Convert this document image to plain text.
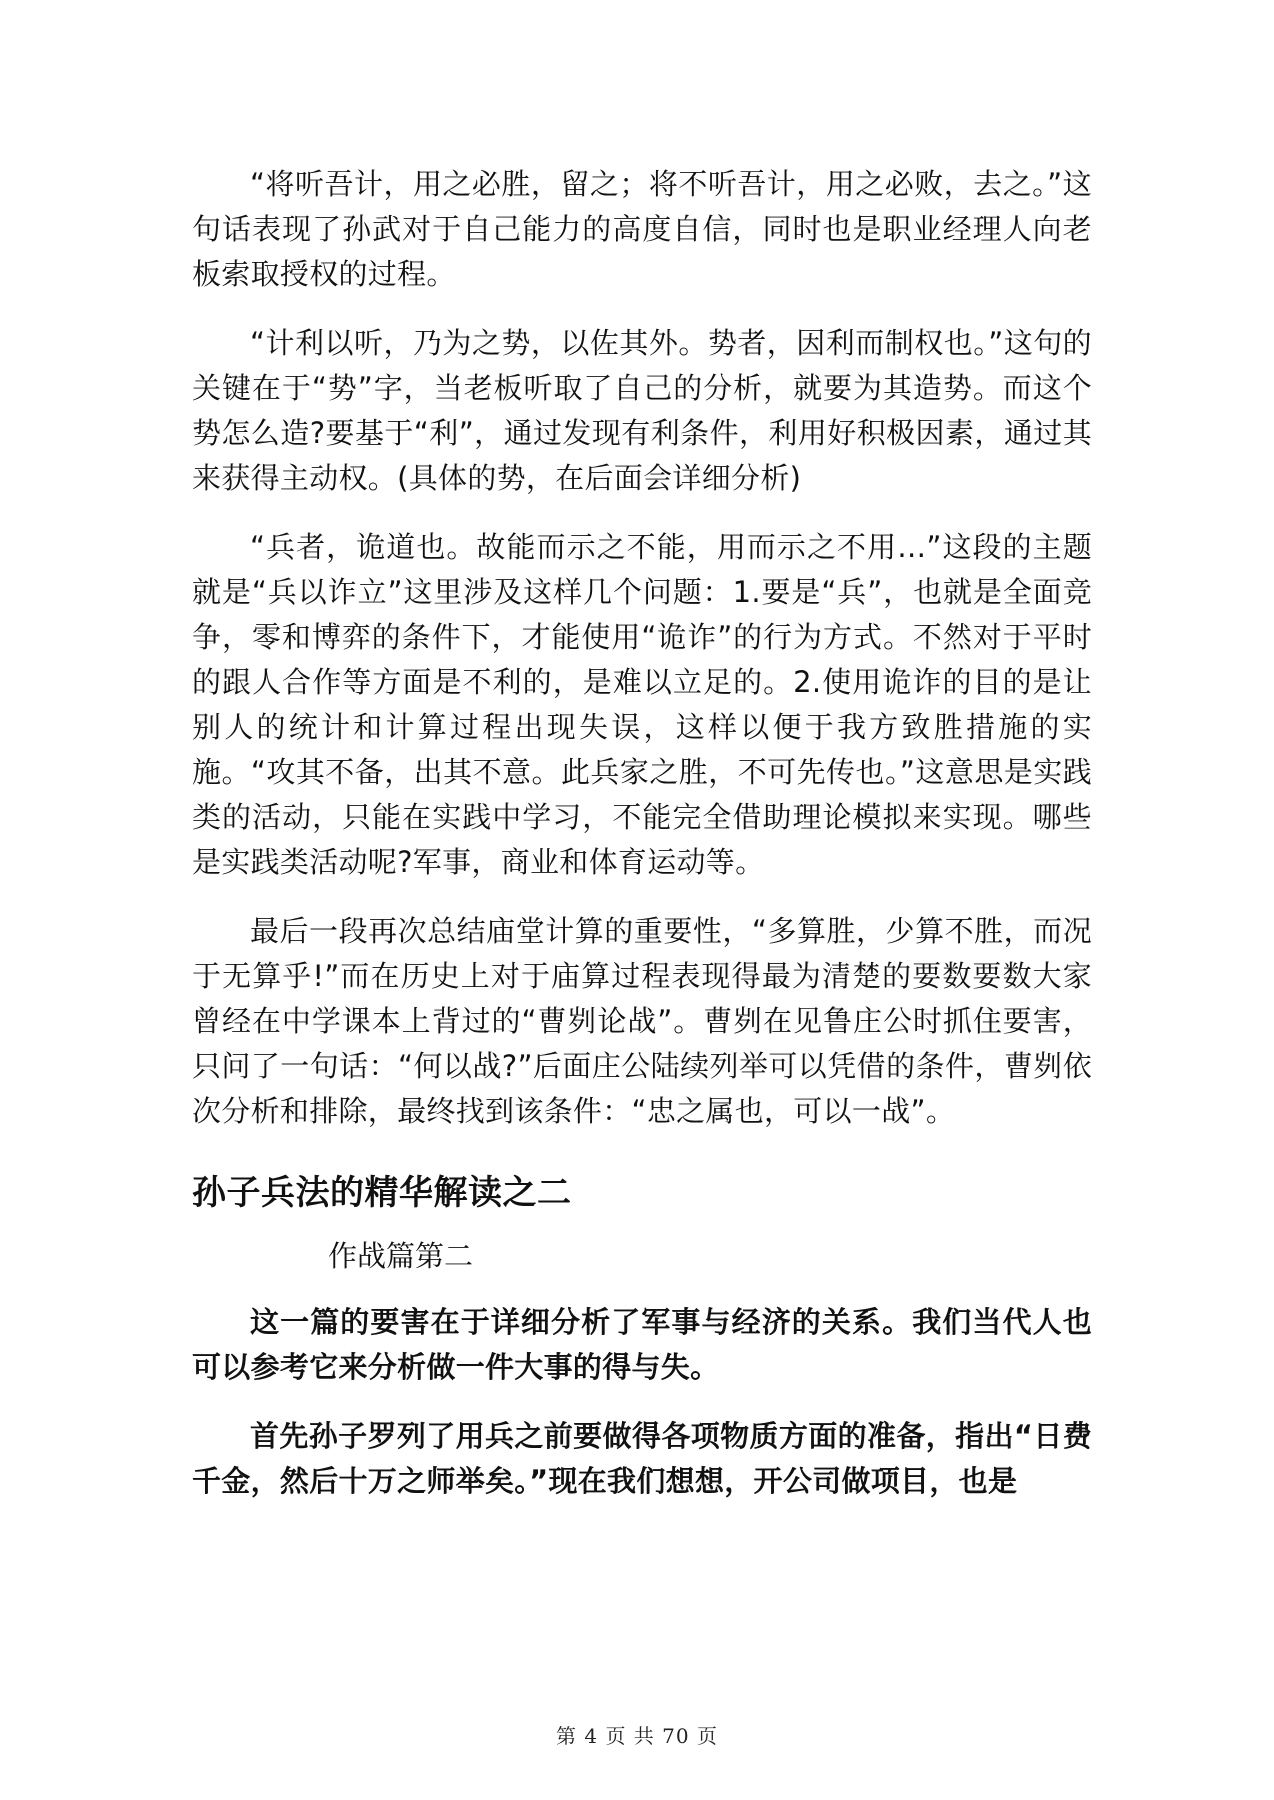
“将听吾计，用之必胜，留之；将不听吾计，用之必败，去之。”这句话表现了孙武对于自己能力的高度自信，同时也是职业经理人向老板索取授权的过程。

“计利以听，乃为之势，以佐其外。势者，因利而制权也。”这句的关键在于“势”字，当老板听取了自己的分析，就要为其造势。而这个势怎么造?要基于“利”，通过发现有利条件，利用好积极因素，通过其来获得主动权。(具体的势，在后面会详细分析)

“兵者，诡道也。故能而示之不能，用而示之不用…”这段的主题就是“兵以诈立”这里涉及这样几个问题：1.要是“兵”，也就是全面竞争，零和博弈的条件下，才能使用“诡诈”的行为方式。不然对于平时的跟人合作等方面是不利的，是难以立足的。2.使用诡诈的目的是让别人的统计和计算过程出现失误，这样以便于我方致胜措施的实施。“攻其不备，出其不意。此兵家之胜，不可先传也。”这意思是实践类的活动，只能在实践中学习，不能完全借助理论模拟来实现。哪些是实践类活动呢?军事，商业和体育运动等。

最后一段再次总结庙堂计算的重要性，“多算胜，少算不胜，而况于无算乎!”而在历史上对于庙算过程表现得最为清楚的要数要数大家曾经在中学课本上背过的“曹刿论战”。曹刿在见鲁庄公时抓住要害，只问了一句话：“何以战?”后面庄公陆续列举可以凭借的条件，曹刿依次分析和排除，最终找到该条件：“忠之属也，可以一战”。

孙子兵法的精华解读之二
作战篇第二

这一篇的要害在于详细分析了军事与经济的关系。我们当代人也可以参考它来分析做一件大事的得与失。

首先孙子罗列了用兵之前要做得各项物质方面的准备，指出“日费千金，然后十万之师举矣。”现在我们想想，开公司做项目，也是

第 4 页 共 70 页
